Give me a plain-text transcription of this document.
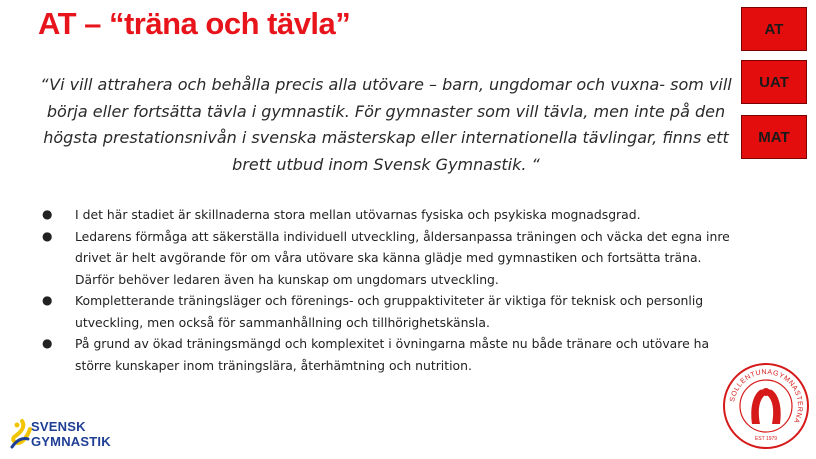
AT – “träna och tävla”	AT
UAT
MAT
“Vi vill attrahera och behålla precis alla utövare – barn, ungdomar och vuxna- som vill börja eller fortsätta tävla i gymnastik. För gymnaster som vill tävla, men inte på den högsta prestationsnivån i svenska mästerskap eller internationella tävlingar, finns ett brett utbud inom Svensk Gymnastik. “
● I det här stadiet är skillnaderna stora mellan utövarnas fysiska och psykiska mognadsgrad.
● Ledarens förmåga att säkerställa individuell utveckling, åldersanpassa träningen och väcka det egna inre drivet är helt avgörande för om våra utövare ska känna glädje med gymnastiken och fortsätta träna. Därför behöver ledaren även ha kunskap om ungdomars utveckling.
● Kompletterande träningsläger och förenings- och gruppaktiviteter är viktiga för teknisk och personlig utveckling, men också för sammanhållning och tillhörighetskänsla.
● På grund av ökad träningsmängd och komplexitet i övningarna måste nu både tränare och utövare ha större kunskaper inom träningslära, återhämtning och nutrition.
SVENSK
GYMNASTIK
SOLLENTUNAGYMNASTERNA
EST 1979
